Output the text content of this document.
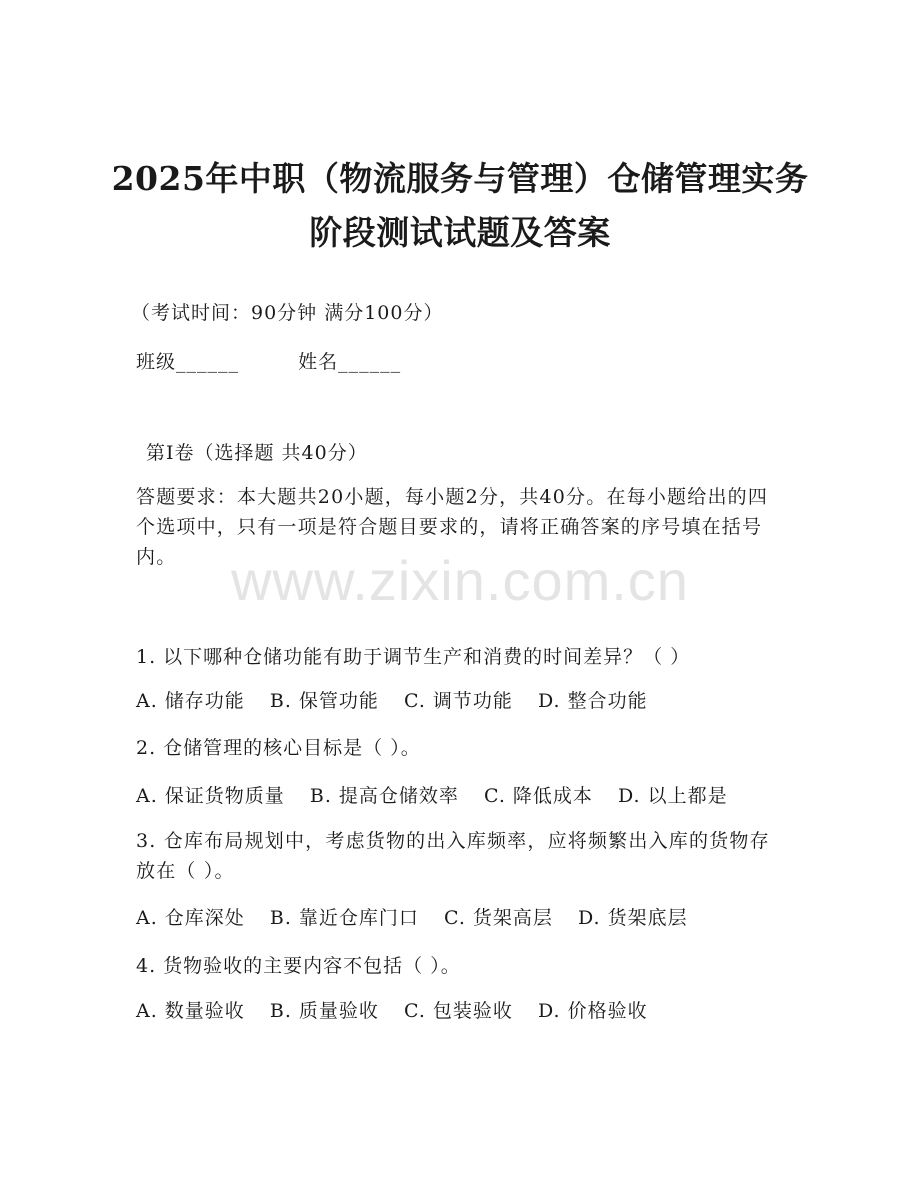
www.zixin.com.cn
2025年中职（物流服务与管理）仓储管理实务阶段测试试题及答案
（考试时间：90分钟 满分100分）
班级______	姓名______
第Ⅰ卷（选择题 共40分）
答题要求：本大题共20小题，每小题2分，共40分。在每小题给出的四个选项中，只有一项是符合题目要求的，请将正确答案的序号填在括号内。
1. 以下哪种仓储功能有助于调节生产和消费的时间差异？（ ）
A. 储存功能 B. 保管功能 C. 调节功能 D. 整合功能
2. 仓储管理的核心目标是（ ）。
A. 保证货物质量 B. 提高仓储效率 C. 降低成本 D. 以上都是
3. 仓库布局规划中，考虑货物的出入库频率，应将频繁出入库的货物存放在（ ）。
A. 仓库深处 B. 靠近仓库门口 C. 货架高层 D. 货架底层
4. 货物验收的主要内容不包括（ ）。
A. 数量验收 B. 质量验收 C. 包装验收 D. 价格验收
